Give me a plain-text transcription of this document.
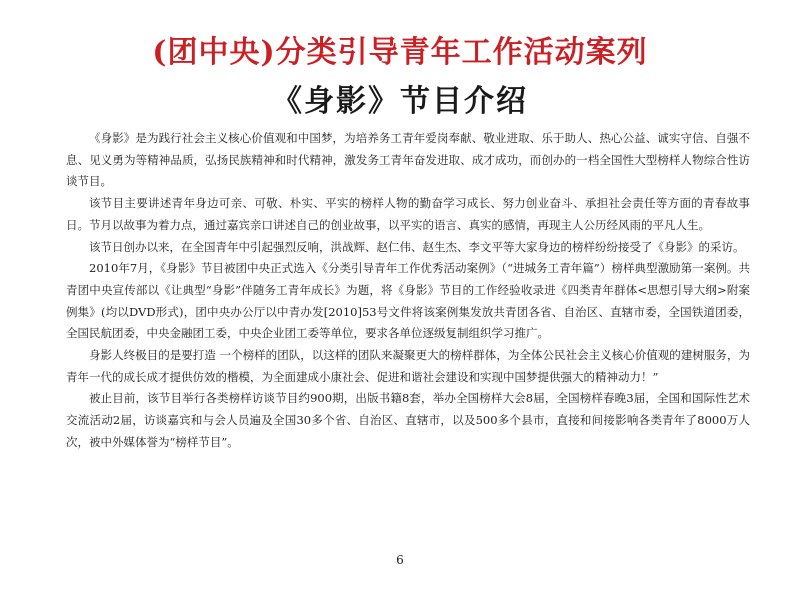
(团中央)分类引导青年工作活动案列
《身影》节目介绍

《身影》是为践行社会主义核心价值观和中国梦，为培养务工青年爱岗奉献、敬业进取、乐于助人、热心公益、诚实守信、自强不息、见义勇为等精神品质，弘扬民族精神和时代精神，激发务工青年奋发进取、成才成功，而创办的一档全国性大型榜样人物综合性访谈节目。

该节目主要讲述青年身边可亲、可敬、朴实、平实的榜样人物的勤奋学习成长、努力创业奋斗、承担社会责任等方面的青春故事日。节月以故事为着力点，通过嘉宾亲口讲述自己的创业故事，以平实的语言、真实的感情，再现主人公历经风雨的平凡人生。

该节日创办以来，在全国青年中引起强烈反响，洪战辉、赵仁伟、赵生杰、李文平等大家身边的榜样纷纷接受了《身影》的采访。

2010年7月，《身影》节目被团中央正式选入《分类引导青年工作优秀活动案例》（“进城务工青年篇”）榜样典型激励第一案例。共青团中央宣传部以《让典型“身影”伴随务工青年成长》为题，将《身影》节目的工作经验收录进《四类青年群体<思想引导大纲>附案例集》(均以DVD形式)，团中央办公厅以中青办发[2010]53号文件将该案例集发放共青团各省、自治区、直辖市委，全国铁道团委，全国民航团委，中央金融团工委，中央企业团工委等单位，要求各单位逐级复制组织学习推广。

身影人终极目的是要打造 一个榜样的团队，以这样的团队来凝聚更大的榜样群体，为全体公民社会主义核心价值观的建树服务，为青年一代的成长成才提供仿效的楷模，为全面建成小康社会、促进和谐社会建设和实现中国梦提供强大的精神动力！”

被止目前，该节目举行各类榜样访谈节目约900期，出版书籍8套，举办全国榜样大会8届，全国榜样春晚3届，全国和国际性艺术交流活动2届，访谈嘉宾和与会人员遍及全国30多个省、自治区、直辖市，以及500多个县市，直接和间接影响各类青年了8000万人次，被中外媒体誉为“榜样节目”。

6
